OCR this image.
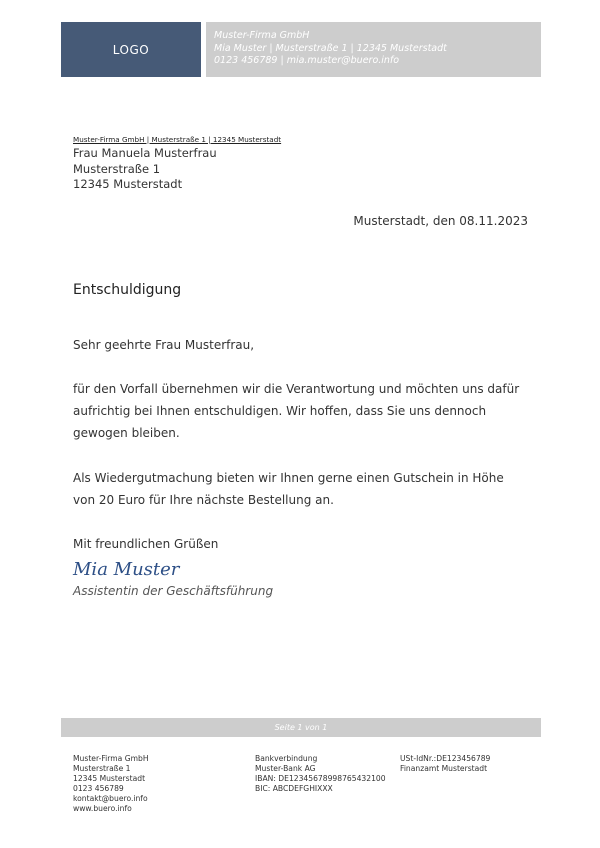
LOGO
Muster-Firma GmbH
Mia Muster | Musterstraße 1 | 12345 Musterstadt
0123 456789 | mia.muster@buero.info
Muster-Firma GmbH | Musterstraße 1 | 12345 Musterstadt
Frau Manuela Musterfrau
Musterstraße 1
12345 Musterstadt
Musterstadt, den 08.11.2023
Entschuldigung
Sehr geehrte Frau Musterfrau,
für den Vorfall übernehmen wir die Verantwortung und möchten uns dafür aufrichtig bei Ihnen entschuldigen. Wir hoffen, dass Sie uns dennoch gewogen bleiben.
Als Wiedergutmachung bieten wir Ihnen gerne einen Gutschein in Höhe von 20 Euro für Ihre nächste Bestellung an.
Mit freundlichen Grüßen
Mia Muster
Assistentin der Geschäftsführung
Seite 1 von 1
Muster-Firma GmbH
Musterstraße 1
12345 Musterstadt
0123 456789
kontakt@buero.info
www.buero.info
Bankverbindung
Muster-Bank AG
IBAN: DE12345678998765432100
BIC: ABCDEFGHIXXX
USt-IdNr.:DE123456789
Finanzamt Musterstadt
